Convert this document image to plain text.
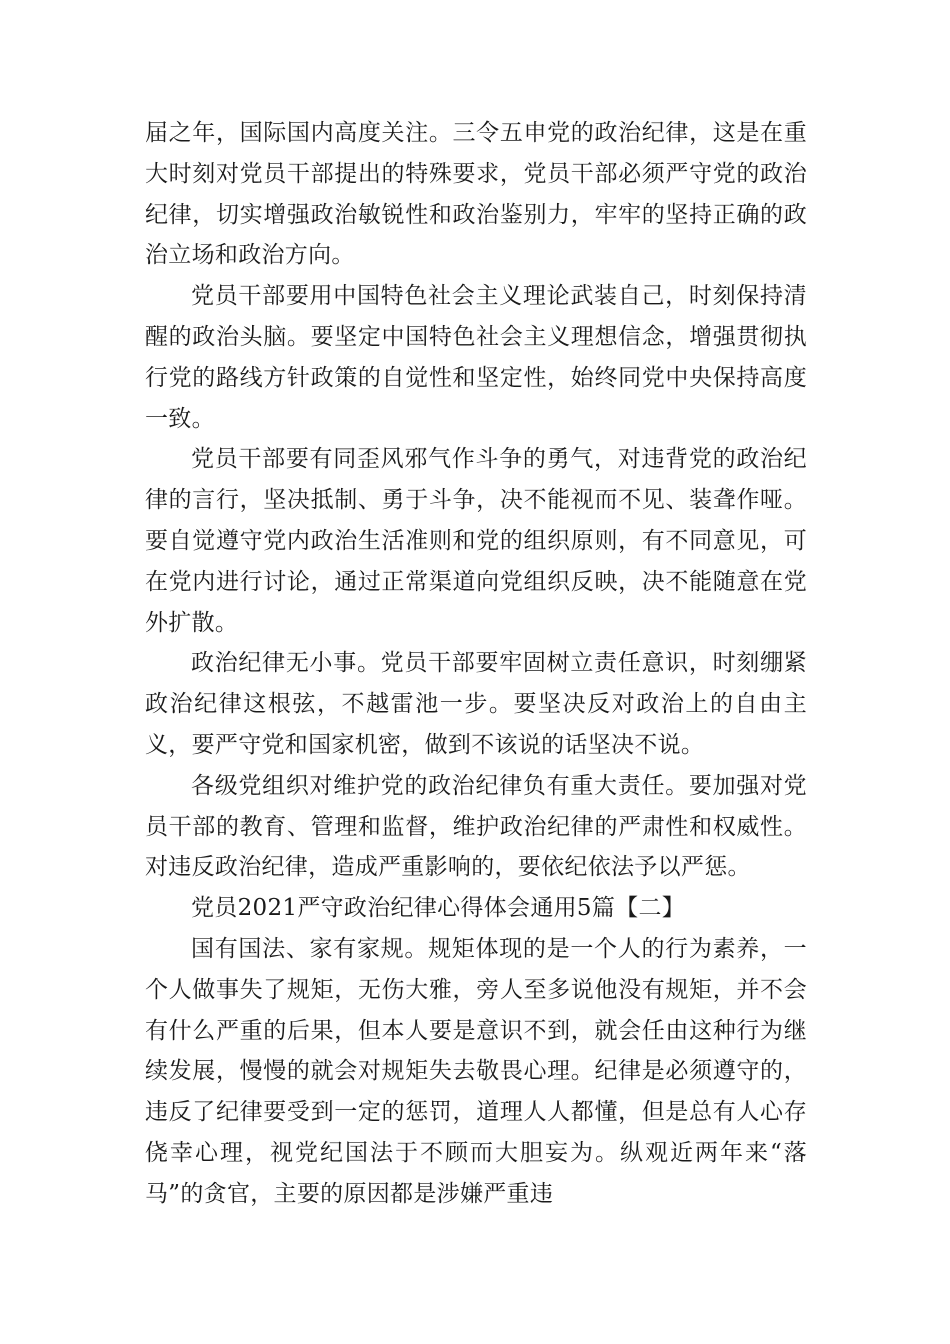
届之年，国际国内高度关注。三令五申党的政治纪律，这是在重大时刻对党员干部提出的特殊要求，党员干部必须严守党的政治纪律，切实增强政治敏锐性和政治鉴别力，牢牢的坚持正确的政治立场和政治方向。

党员干部要用中国特色社会主义理论武装自己，时刻保持清醒的政治头脑。要坚定中国特色社会主义理想信念，增强贯彻执行党的路线方针政策的自觉性和坚定性，始终同党中央保持高度一致。

党员干部要有同歪风邪气作斗争的勇气，对违背党的政治纪律的言行，坚决抵制、勇于斗争，决不能视而不见、装聋作哑。要自觉遵守党内政治生活准则和党的组织原则，有不同意见，可在党内进行讨论，通过正常渠道向党组织反映，决不能随意在党外扩散。

政治纪律无小事。党员干部要牢固树立责任意识，时刻绷紧政治纪律这根弦，不越雷池一步。要坚决反对政治上的自由主义，要严守党和国家机密，做到不该说的话坚决不说。

各级党组织对维护党的政治纪律负有重大责任。要加强对党员干部的教育、管理和监督，维护政治纪律的严肃性和权威性。对违反政治纪律，造成严重影响的，要依纪依法予以严惩。

党员2021严守政治纪律心得体会通用5篇【二】

国有国法、家有家规。规矩体现的是一个人的行为素养，一个人做事失了规矩，无伤大雅，旁人至多说他没有规矩，并不会有什么严重的后果，但本人要是意识不到，就会任由这种行为继续发展，慢慢的就会对规矩失去敬畏心理。纪律是必须遵守的，违反了纪律要受到一定的惩罚，道理人人都懂，但是总有人心存侥幸心理，视党纪国法于不顾而大胆妄为。纵观近两年来“落马”的贪官，主要的原因都是涉嫌严重违
